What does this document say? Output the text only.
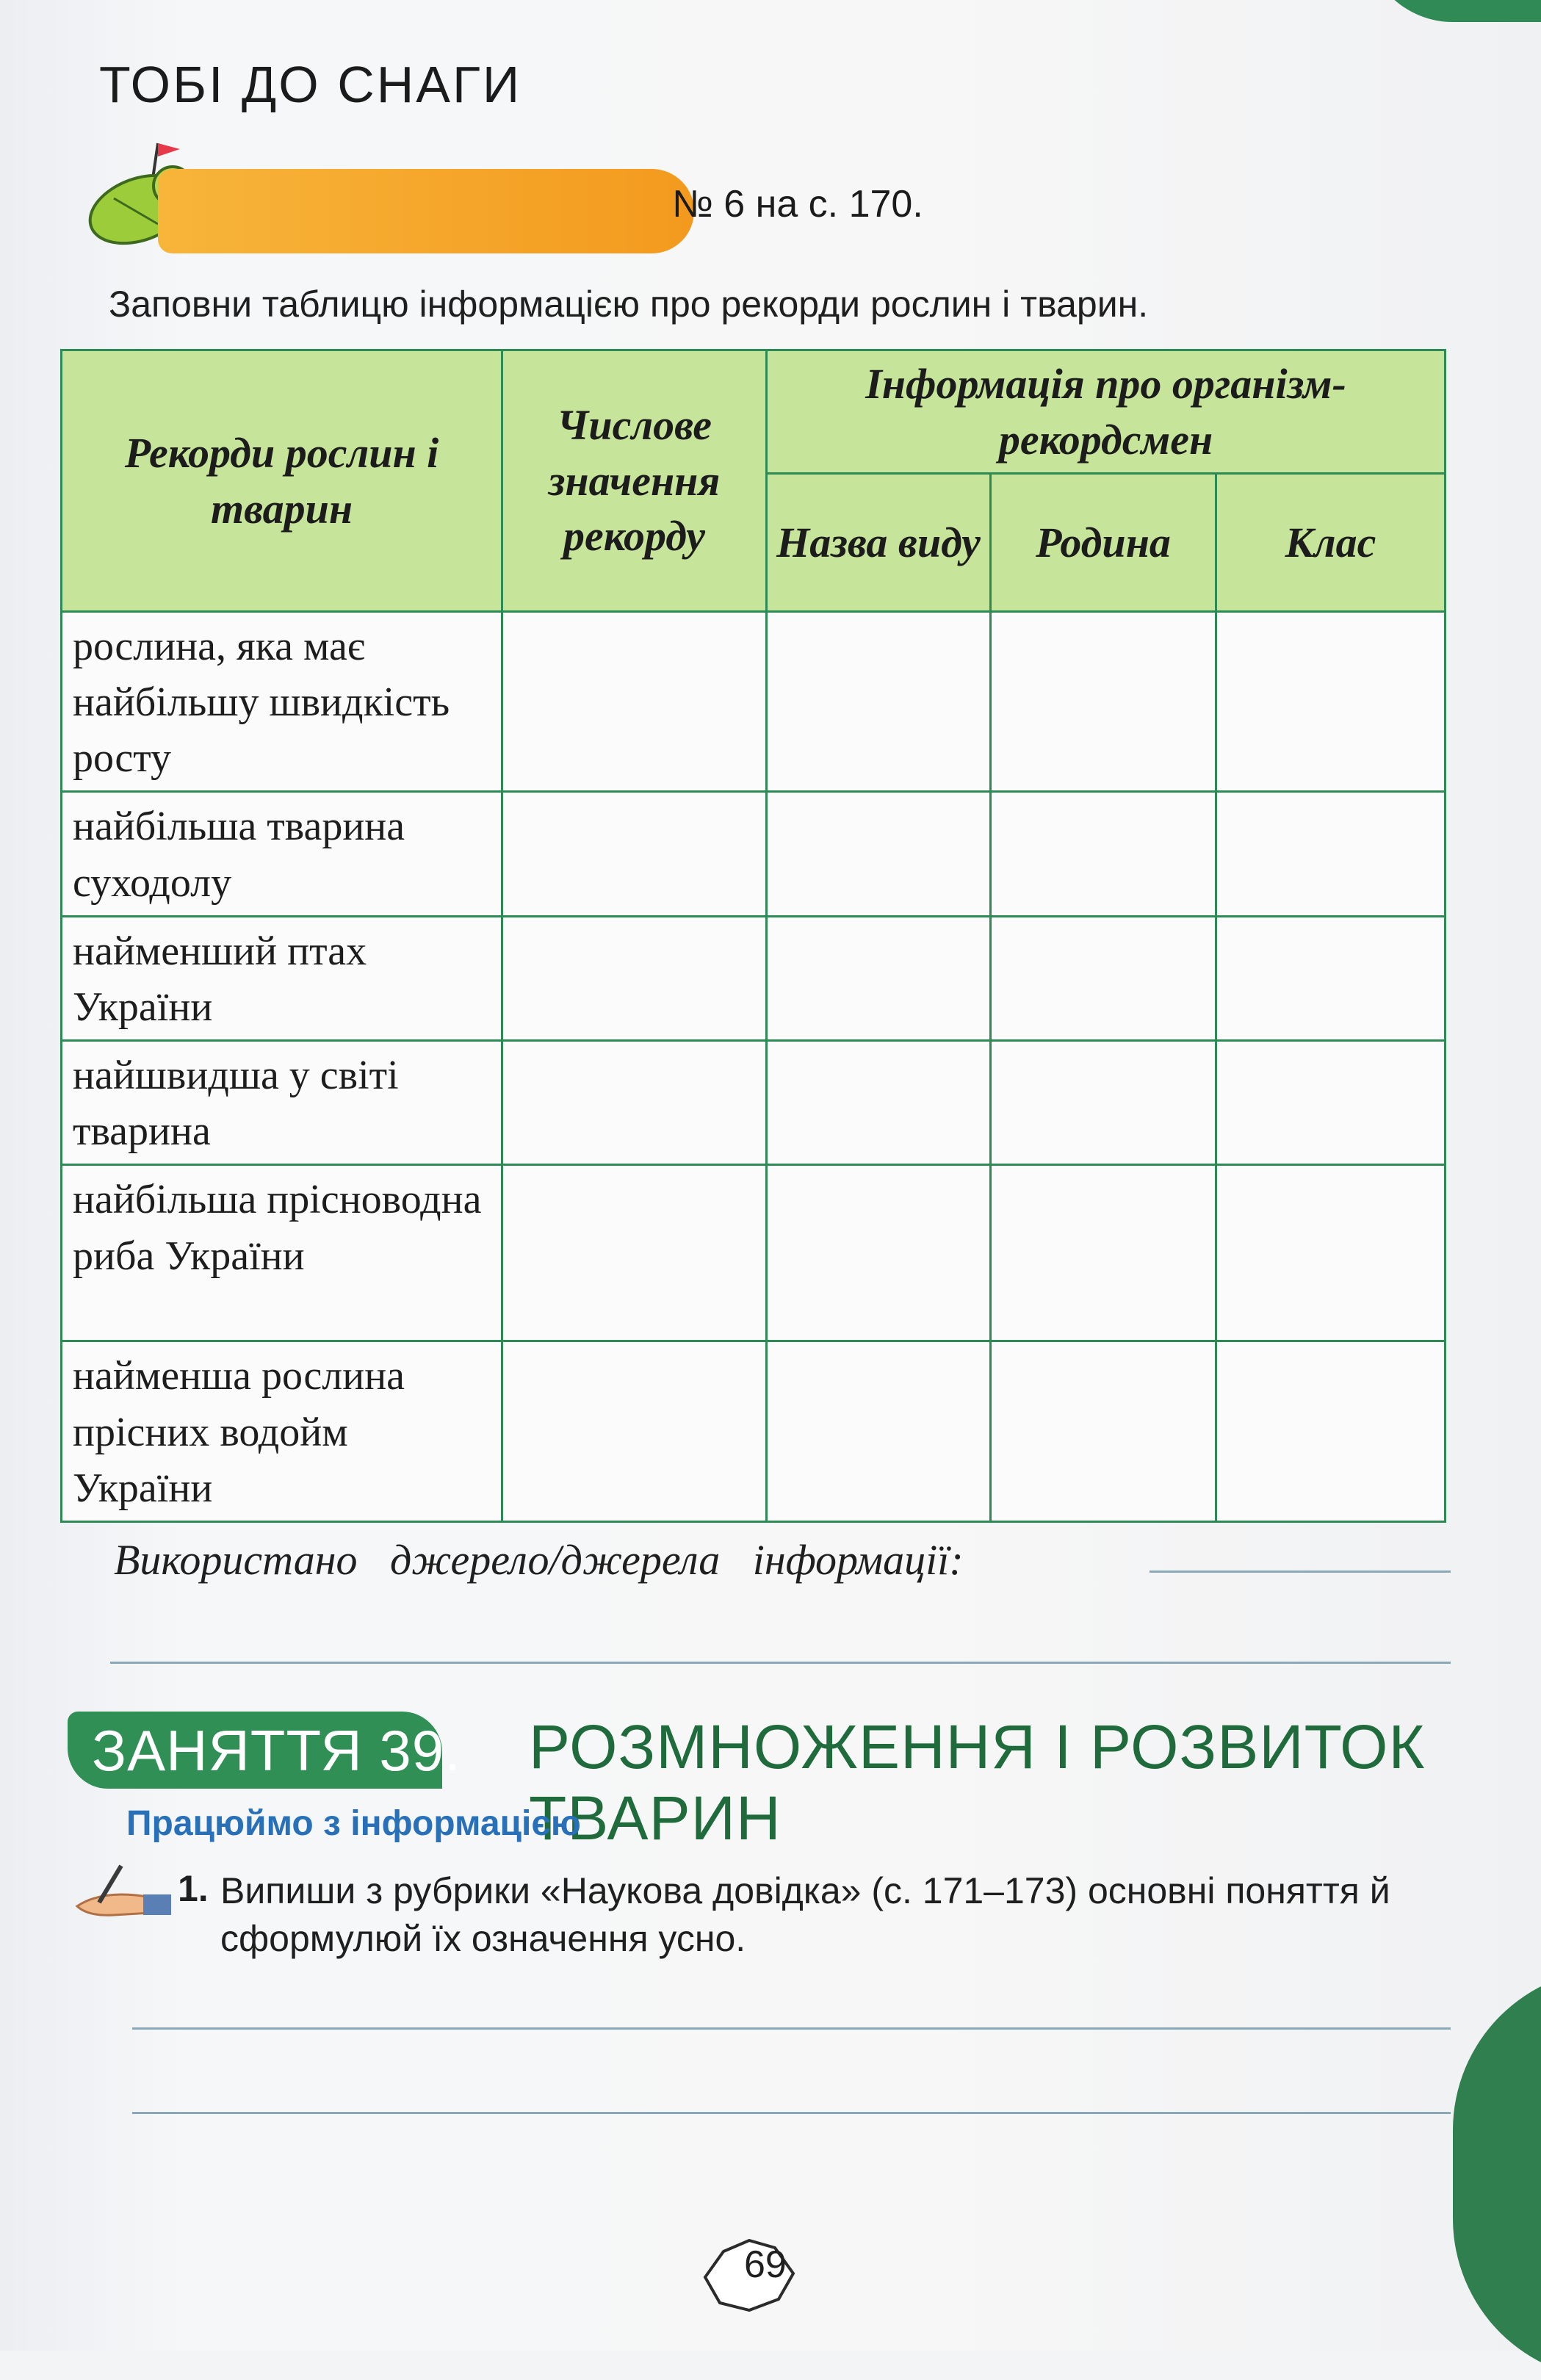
ТОБІ ДО СНАГИ
№ 6 на с. 170.
Заповни таблицю інформацією про рекорди рослин і тварин.
Рекорди рослин і тварин	Числове значення рекорду	Інформація про організм-рекордсмен		
		Назва виду	Родина	Клас
рослина, яка має найбільшу швидкість росту				
найбільша тварина суходолу				
найменший птах України				
найшвидша у світі тварина				
найбільша прісноводна риба України				
найменша рослина прісних водойм України				
Використано джерело/джерела інформації:
ЗАНЯТТЯ 39. РОЗМНОЖЕННЯ І РОЗВИТОК ТВАРИН
Працюймо з інформацією
1. Випиши з рубрики «Наукова довідка» (с. 171–173) основні поняття й сформулюй їх означення усно.
69
